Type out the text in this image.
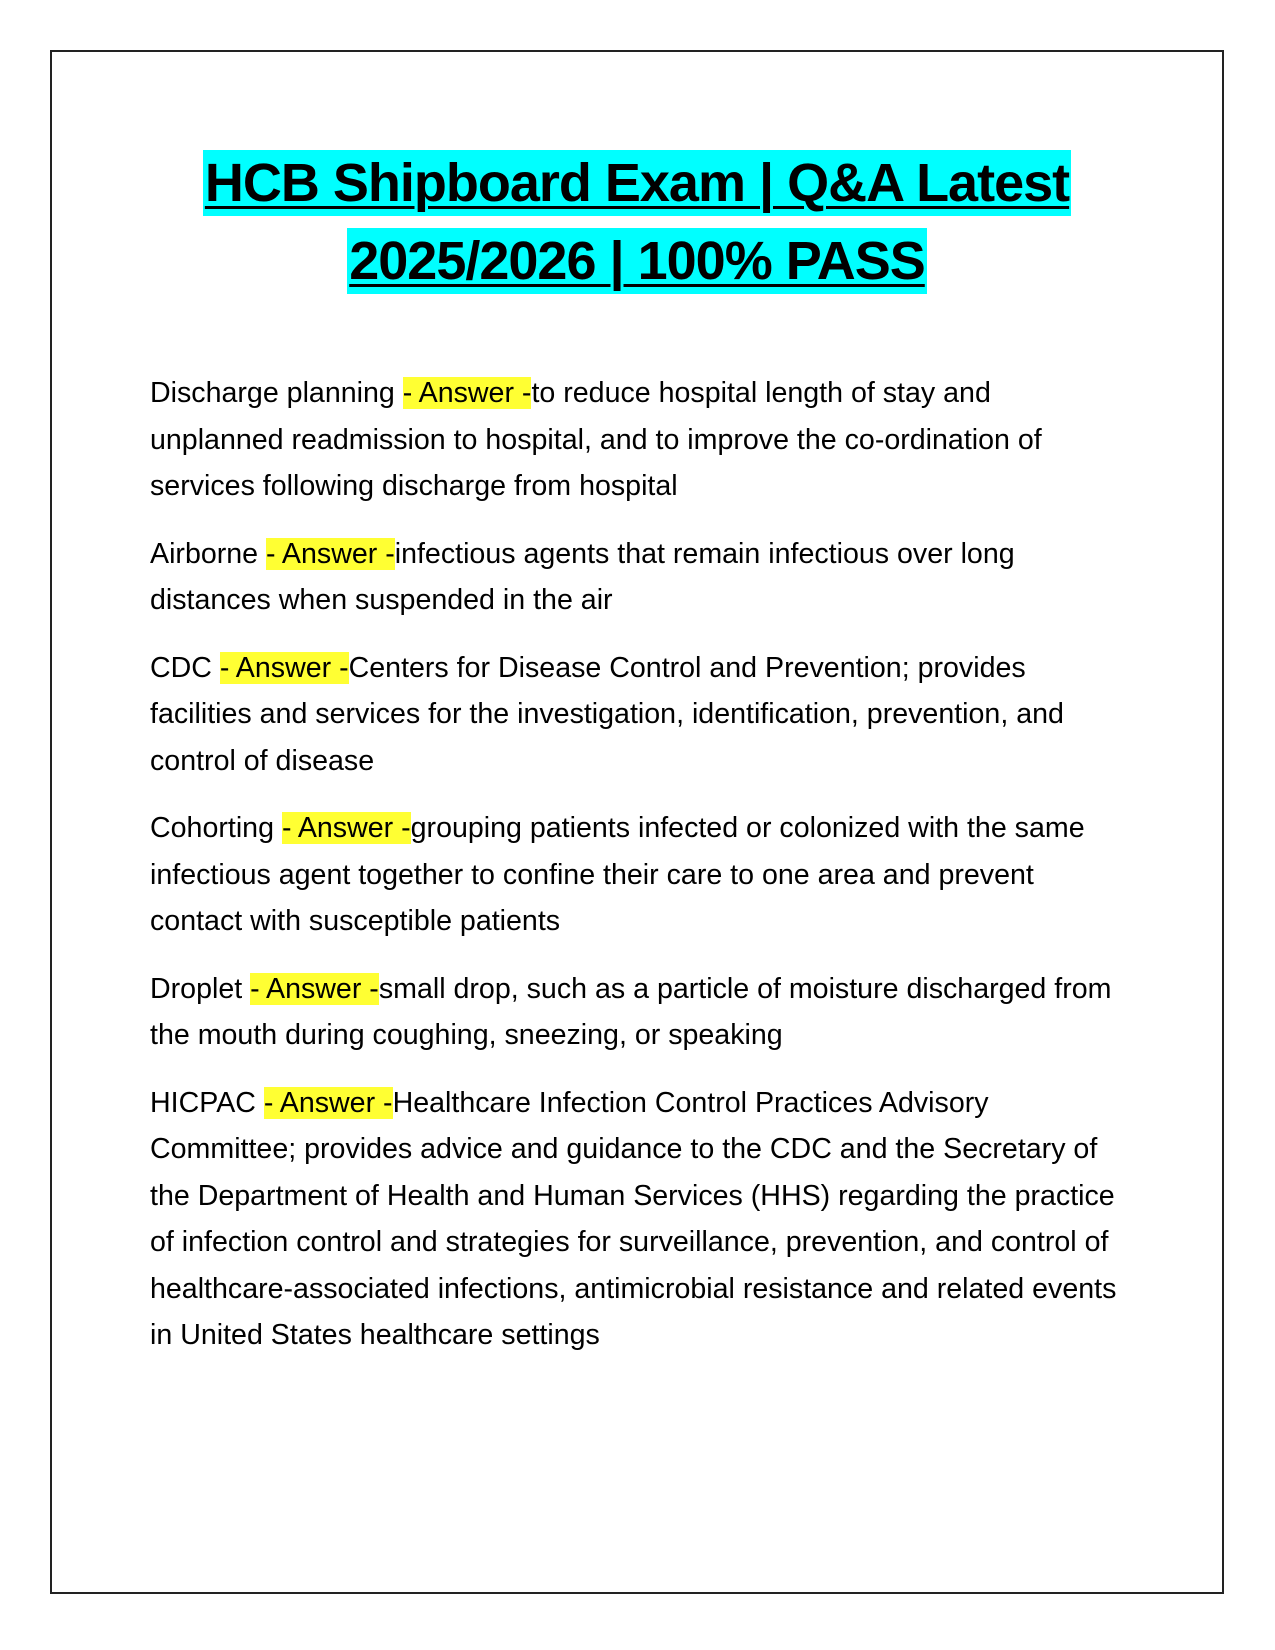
HCB Shipboard Exam | Q&A Latest
2025/2026 | 100% PASS

Discharge planning - Answer -to reduce hospital length of stay and unplanned readmission to hospital, and to improve the co-ordination of services following discharge from hospital

Airborne - Answer -infectious agents that remain infectious over long distances when suspended in the air

CDC - Answer -Centers for Disease Control and Prevention; provides facilities and services for the investigation, identification, prevention, and control of disease

Cohorting - Answer -grouping patients infected or colonized with the same infectious agent together to confine their care to one area and prevent contact with susceptible patients

Droplet - Answer -small drop, such as a particle of moisture discharged from the mouth during coughing, sneezing, or speaking

HICPAC - Answer -Healthcare Infection Control Practices Advisory Committee; provides advice and guidance to the CDC and the Secretary of the Department of Health and Human Services (HHS) regarding the practice of infection control and strategies for surveillance, prevention, and control of healthcare-associated infections, antimicrobial resistance and related events in United States healthcare settings
